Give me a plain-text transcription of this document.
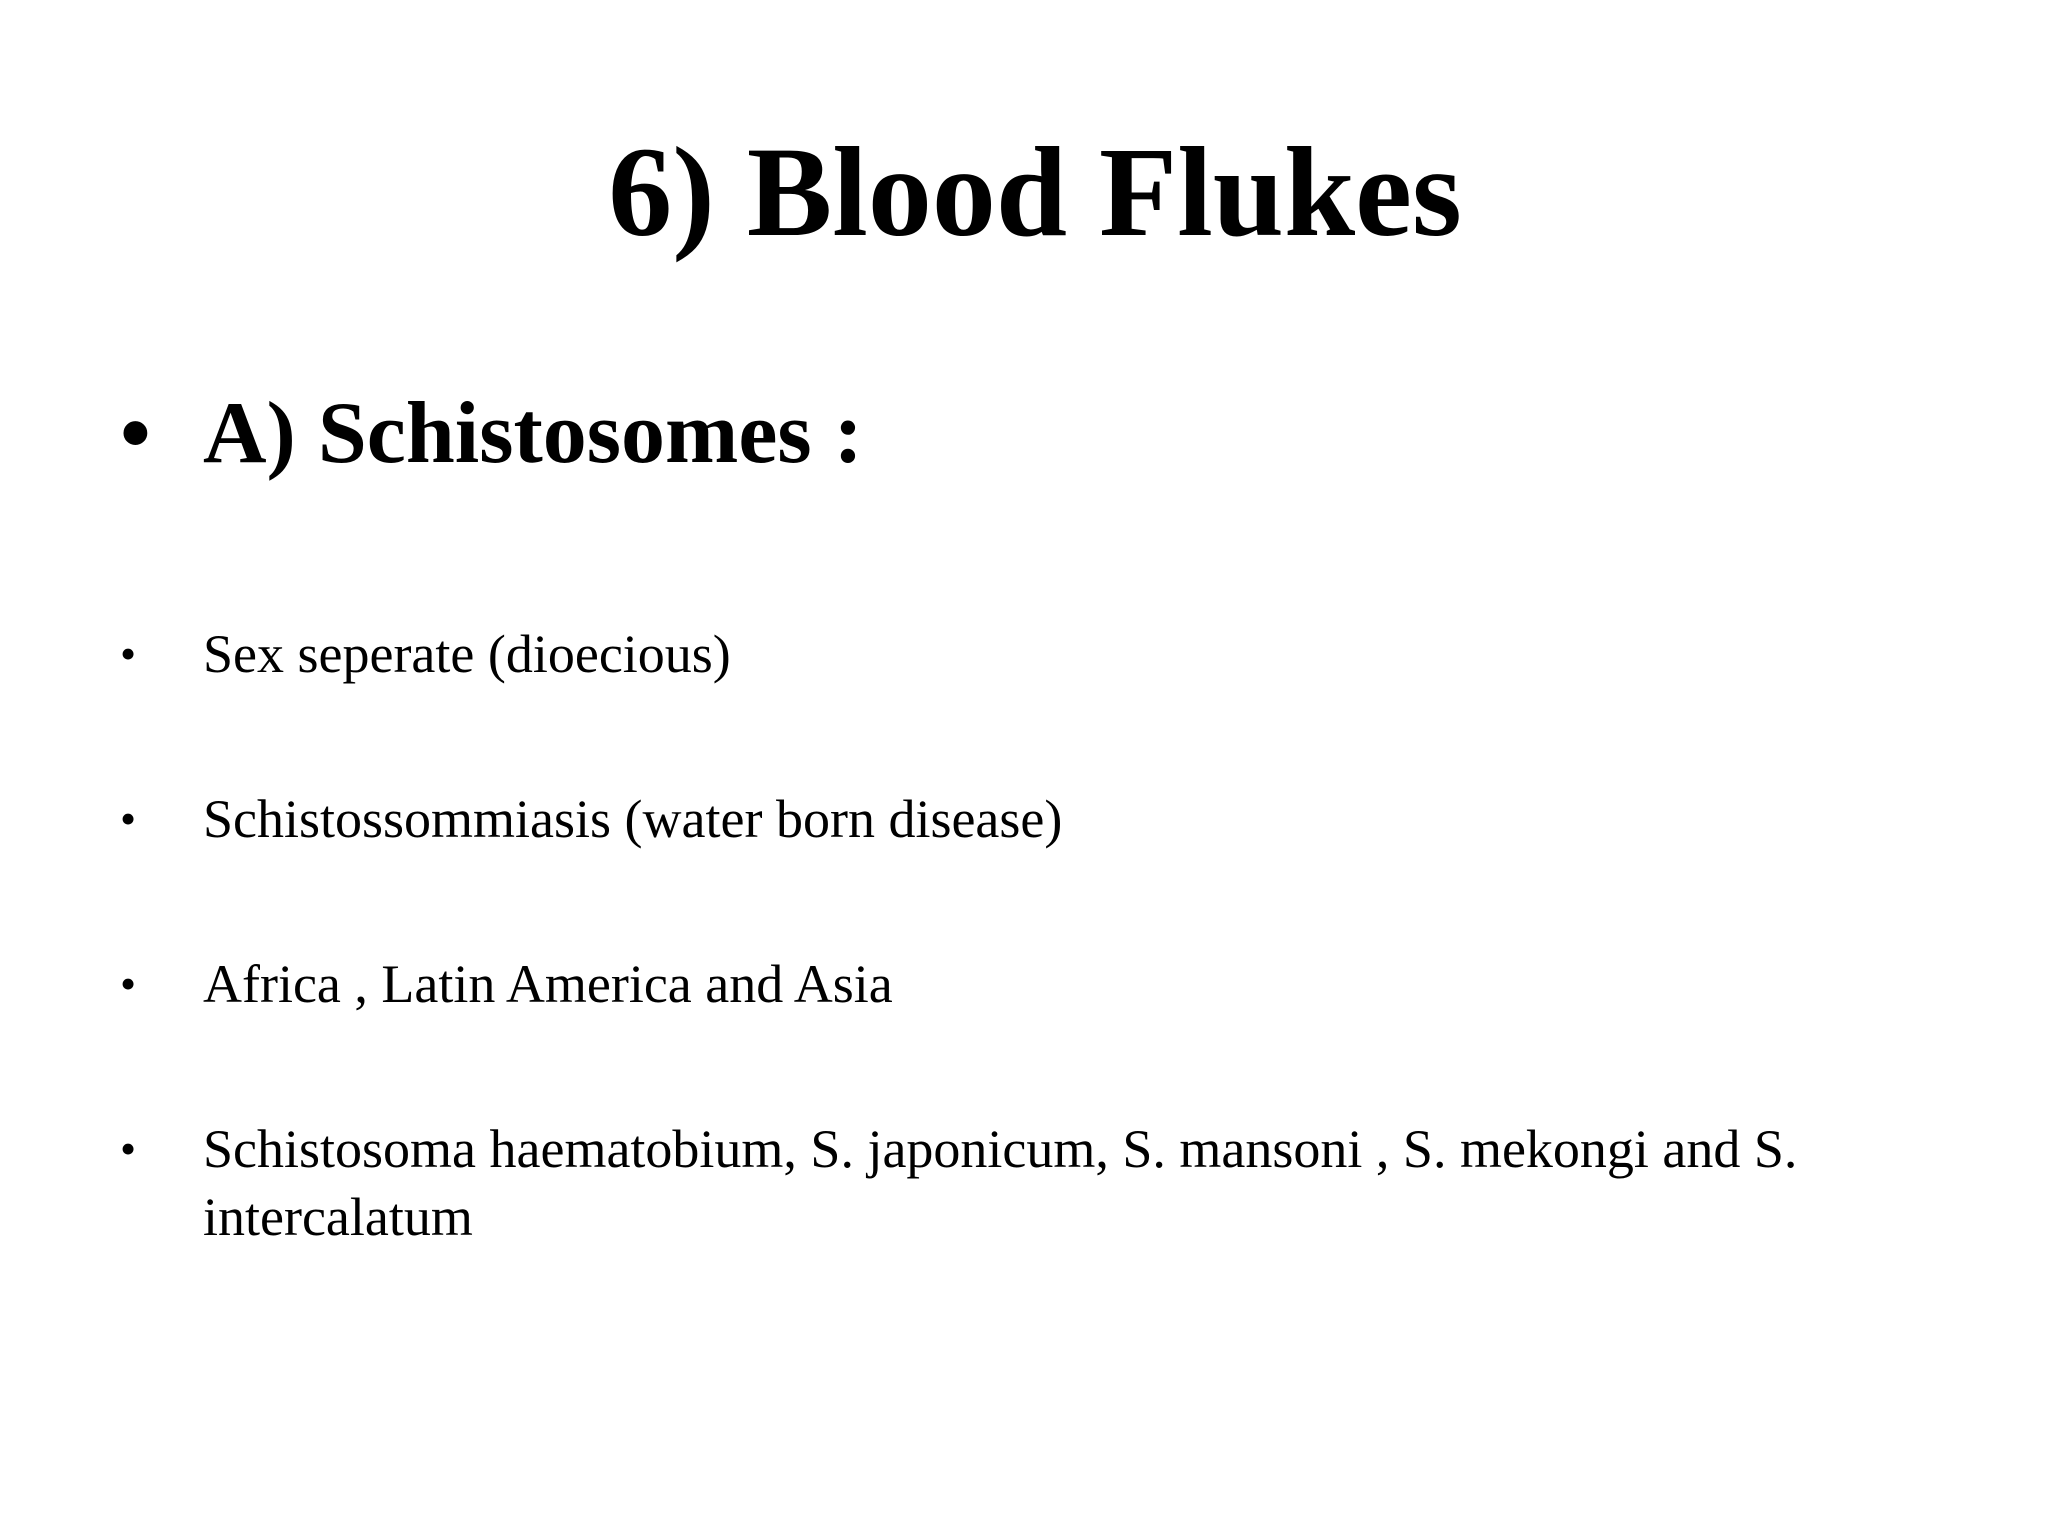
6) Blood Flukes
• A) Schistosomes :
• Sex seperate (dioecious)
• Schistossommiasis (water born disease)
• Africa , Latin America and Asia
• Schistosoma haematobium, S. japonicum, S. mansoni , S. mekongi and S. intercalatum
